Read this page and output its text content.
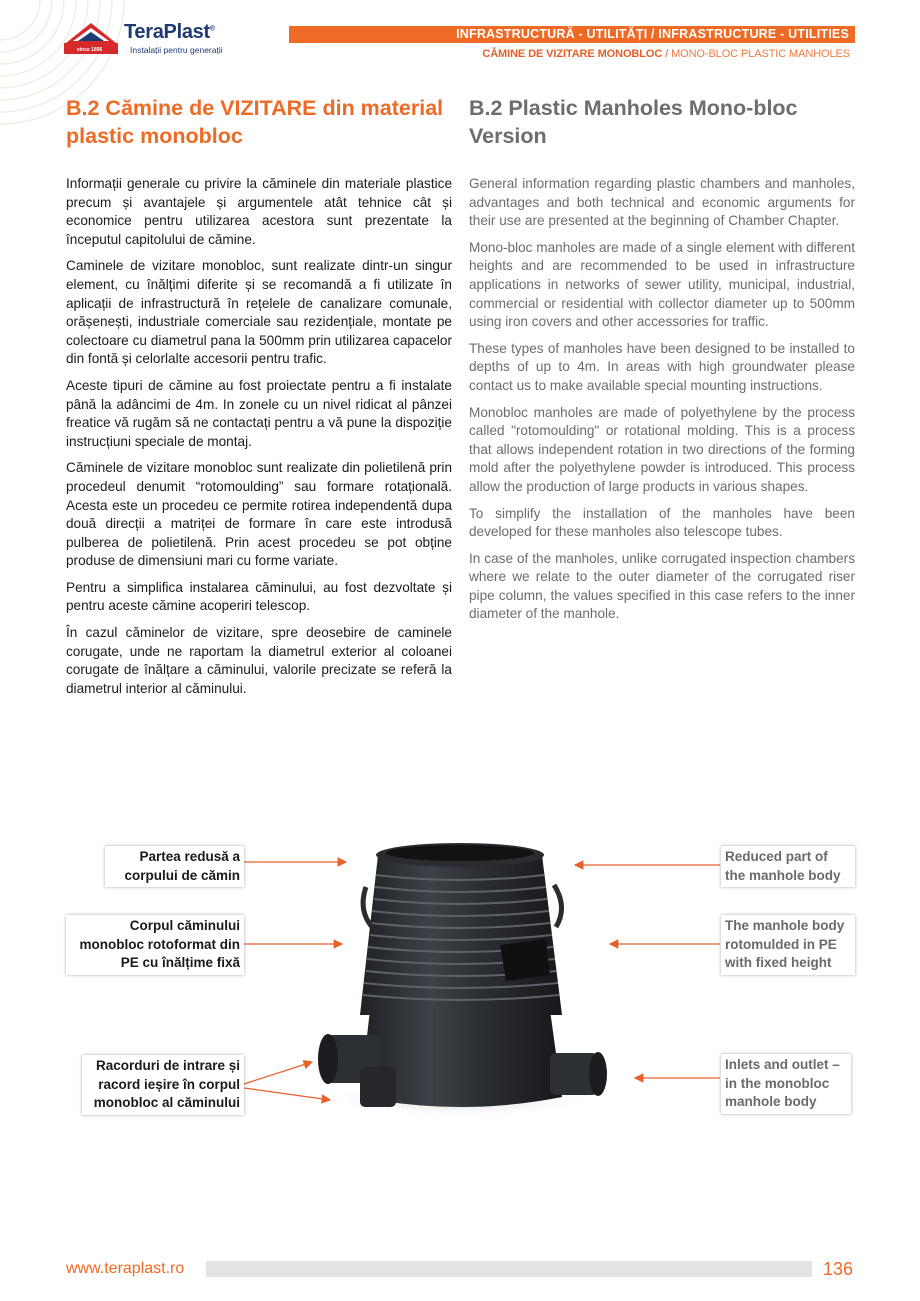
since 1896
TeraPlast®
Instalații pentru generații
INFRASTRUCTURĂ - UTILITĂȚI / INFRASTRUCTURE - UTILITIES
CĂMINE DE VIZITARE MONOBLOC / MONO-BLOC PLASTIC MANHOLES
B.2 Cămine de VIZITARE din material plastic monobloc
B.2 Plastic Manholes Mono-bloc Version

Informații generale cu privire la căminele din materiale plastice precum și avantajele și argumentele atât tehnice cât și economice pentru utilizarea acestora sunt prezentate la începutul capitolului de cămine.

Caminele de vizitare monobloc, sunt realizate dintr-un singur element, cu înălțimi diferite și se recomandă a fi utilizate în aplicații de infrastructură în rețelele de canalizare comunale, orășenești, industriale comerciale sau rezidențiale, montate pe colectoare cu diametrul pana la 500mm prin utilizarea capacelor din fontă și celorlalte accesorii pentru trafic.

Aceste tipuri de cămine au fost proiectate pentru a fi instalate până la adâncimi de 4m. In zonele cu un nivel ridicat al pânzei freatice vă rugăm să ne contactați pentru a vă pune la dispoziție instrucțiuni speciale de montaj.

Căminele de vizitare monobloc sunt realizate din polietilenă prin procedeul denumit “rotomoulding” sau formare rotațională. Acesta este un procedeu ce permite rotirea independentă dupa două direcții a matriței de formare în care este introdusă pulberea de polietilenă. Prin acest procedeu se pot obține produse de dimensiuni mari cu forme variate.

Pentru a simplifica instalarea căminului, au fost dezvoltate și pentru aceste cămine acoperiri telescop.

În cazul căminelor de vizitare, spre deosebire de caminele corugate, unde ne raportam la diametrul exterior al coloanei corugate de înălțare a căminului, valorile precizate se referă la diametrul interior al căminului.

General information regarding plastic chambers and manholes, advantages and both technical and economic arguments for their use are presented at the beginning of Chamber Chapter.

Mono-bloc manholes are made of a single element with different heights and are recommended to be used in infrastructure applications in networks of sewer utility, municipal, industrial, commercial or residential with collector diameter up to 500mm using iron covers and other accessories for traffic.

These types of manholes have been designed to be installed to depths of up to 4m. In areas with high groundwater please contact us to make available special mounting instructions.

Monobloc manholes are made of polyethylene by the process called "rotomoulding" or rotational molding. This is a process that allows independent rotation in two directions of the forming mold after the polyethylene powder is introduced. This process allow the production of large products in various shapes.

To simplify the installation of the manholes have been developed for these manholes also telescope tubes.

In case of the manholes, unlike corrugated inspection chambers where we relate to the outer diameter of the corrugated riser pipe column, the values specified in this case refers to the inner diameter of the manhole.

Partea redusă a corpului de cămin
Corpul căminului monobloc rotoformat din PE cu înălțime fixă
Racorduri de intrare și racord ieșire în corpul monobloc al căminului
Reduced part of the manhole body
The manhole body rotomulded in PE with fixed height
Inlets and outlet – in the monobloc manhole body
www.teraplast.ro	136
